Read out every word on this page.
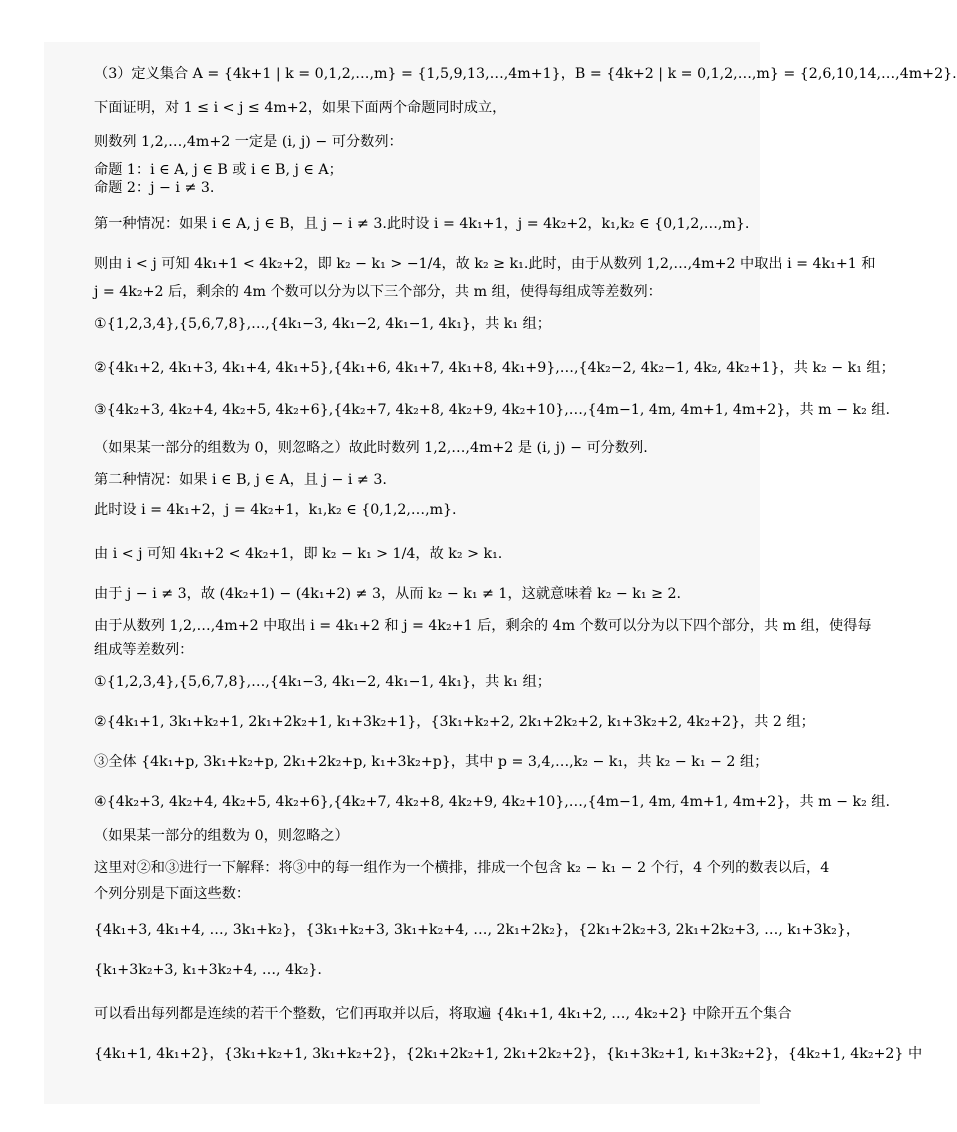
（3）定义集合 A = {4k+1 | k = 0,1,2,…,m} = {1,5,9,13,…,4m+1}，B = {4k+2 | k = 0,1,2,…,m} = {2,6,10,14,…,4m+2}.
下面证明，对 1 ≤ i < j ≤ 4m+2，如果下面两个命题同时成立，
则数列 1,2,…,4m+2 一定是 (i, j) − 可分数列：
命题 1：i ∈ A, j ∈ B 或 i ∈ B, j ∈ A；
命题 2：j − i ≠ 3.
第一种情况：如果 i ∈ A, j ∈ B，且 j − i ≠ 3.此时设 i = 4k₁+1，j = 4k₂+2，k₁,k₂ ∈ {0,1,2,…,m}.
则由 i < j 可知 4k₁+1 < 4k₂+2，即 k₂ − k₁ > −1/4，故 k₂ ≥ k₁.此时，由于从数列 1,2,…,4m+2 中取出 i = 4k₁+1 和
j = 4k₂+2 后，剩余的 4m 个数可以分为以下三个部分，共 m 组，使得每组成等差数列：
①{1,2,3,4},{5,6,7,8},…,{4k₁−3, 4k₁−2, 4k₁−1, 4k₁}，共 k₁ 组；
②{4k₁+2, 4k₁+3, 4k₁+4, 4k₁+5},{4k₁+6, 4k₁+7, 4k₁+8, 4k₁+9},…,{4k₂−2, 4k₂−1, 4k₂, 4k₂+1}，共 k₂ − k₁ 组；
③{4k₂+3, 4k₂+4, 4k₂+5, 4k₂+6},{4k₂+7, 4k₂+8, 4k₂+9, 4k₂+10},…,{4m−1, 4m, 4m+1, 4m+2}，共 m − k₂ 组.
（如果某一部分的组数为 0，则忽略之）故此时数列 1,2,…,4m+2 是 (i, j) − 可分数列.
第二种情况：如果 i ∈ B, j ∈ A，且 j − i ≠ 3.
此时设 i = 4k₁+2，j = 4k₂+1，k₁,k₂ ∈ {0,1,2,…,m}.
由 i < j 可知 4k₁+2 < 4k₂+1，即 k₂ − k₁ > 1/4，故 k₂ > k₁.
由于 j − i ≠ 3，故 (4k₂+1) − (4k₁+2) ≠ 3，从而 k₂ − k₁ ≠ 1，这就意味着 k₂ − k₁ ≥ 2.
由于从数列 1,2,…,4m+2 中取出 i = 4k₁+2 和 j = 4k₂+1 后，剩余的 4m 个数可以分为以下四个部分，共 m 组，使得每
组成等差数列：
①{1,2,3,4},{5,6,7,8},…,{4k₁−3, 4k₁−2, 4k₁−1, 4k₁}，共 k₁ 组；
②{4k₁+1, 3k₁+k₂+1, 2k₁+2k₂+1, k₁+3k₂+1}，{3k₁+k₂+2, 2k₁+2k₂+2, k₁+3k₂+2, 4k₂+2}，共 2 组；
③全体 {4k₁+p, 3k₁+k₂+p, 2k₁+2k₂+p, k₁+3k₂+p}，其中 p = 3,4,…,k₂ − k₁，共 k₂ − k₁ − 2 组；
④{4k₂+3, 4k₂+4, 4k₂+5, 4k₂+6},{4k₂+7, 4k₂+8, 4k₂+9, 4k₂+10},…,{4m−1, 4m, 4m+1, 4m+2}，共 m − k₂ 组.
（如果某一部分的组数为 0，则忽略之）
这里对②和③进行一下解释：将③中的每一组作为一个横排，排成一个包含 k₂ − k₁ − 2 个行，4 个列的数表以后，4
个列分别是下面这些数：
{4k₁+3, 4k₁+4, …, 3k₁+k₂}，{3k₁+k₂+3, 3k₁+k₂+4, …, 2k₁+2k₂}，{2k₁+2k₂+3, 2k₁+2k₂+3, …, k₁+3k₂}，
{k₁+3k₂+3, k₁+3k₂+4, …, 4k₂}.
可以看出每列都是连续的若干个整数，它们再取并以后，将取遍 {4k₁+1, 4k₁+2, …, 4k₂+2} 中除开五个集合
{4k₁+1, 4k₁+2}，{3k₁+k₂+1, 3k₁+k₂+2}，{2k₁+2k₂+1, 2k₁+2k₂+2}，{k₁+3k₂+1, k₁+3k₂+2}，{4k₂+1, 4k₂+2} 中
